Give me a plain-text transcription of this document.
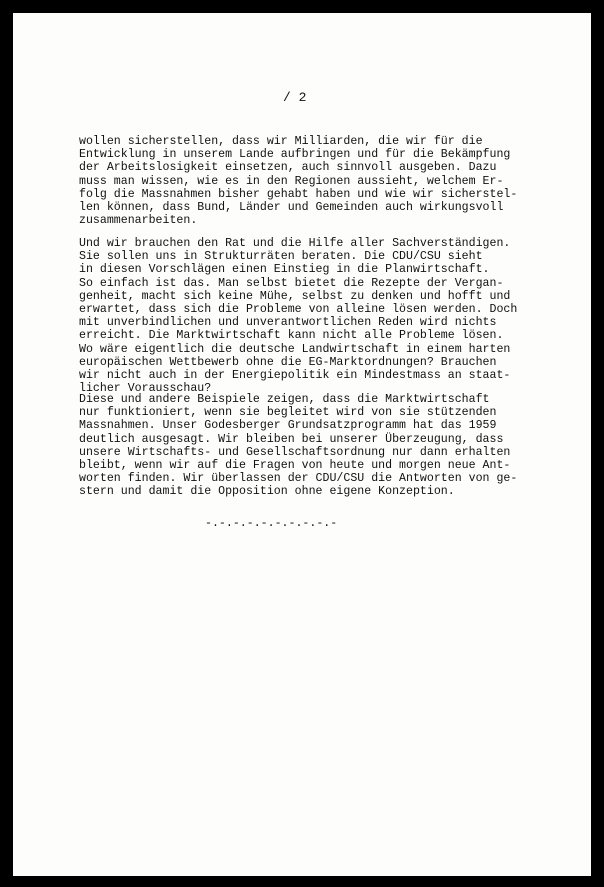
/ 2

wollen sicherstellen, dass wir Milliarden, die wir für die
Entwicklung in unserem Lande aufbringen und für die Bekämpfung
der Arbeitslosigkeit einsetzen, auch sinnvoll ausgeben. Dazu
muss man wissen, wie es in den Regionen aussieht, welchem Er-
folg die Massnahmen bisher gehabt haben und wie wir sicherstel-
len können, dass Bund, Länder und Gemeinden auch wirkungsvoll
zusammenarbeiten.

Und wir brauchen den Rat und die Hilfe aller Sachverständigen.
Sie sollen uns in Strukturräten beraten. Die CDU/CSU sieht
in diesen Vorschlägen einen Einstieg in die Planwirtschaft.
So einfach ist das. Man selbst bietet die Rezepte der Vergan-
genheit, macht sich keine Mühe, selbst zu denken und hofft und
erwartet, dass sich die Probleme von alleine lösen werden. Doch
mit unverbindlichen und unverantwortlichen Reden wird nichts
erreicht. Die Marktwirtschaft kann nicht alle Probleme lösen.
Wo wäre eigentlich die deutsche Landwirtschaft in einem harten
europäischen Wettbewerb ohne die EG-Marktordnungen? Brauchen
wir nicht auch in der Energiepolitik ein Mindestmass an staat-
licher Vorausschau?

Diese und andere Beispiele zeigen, dass die Marktwirtschaft
nur funktioniert, wenn sie begleitet wird von sie stützenden
Massnahmen. Unser Godesberger Grundsatzprogramm hat das 1959
deutlich ausgesagt. Wir bleiben bei unserer Überzeugung, dass
unsere Wirtschafts- und Gesellschaftsordnung nur dann erhalten
bleibt, wenn wir auf die Fragen von heute und morgen neue Ant-
worten finden. Wir überlassen der CDU/CSU die Antworten von ge-
stern und damit die Opposition ohne eigene Konzeption.

-.-.-.-.-.-.-.-.-.-
